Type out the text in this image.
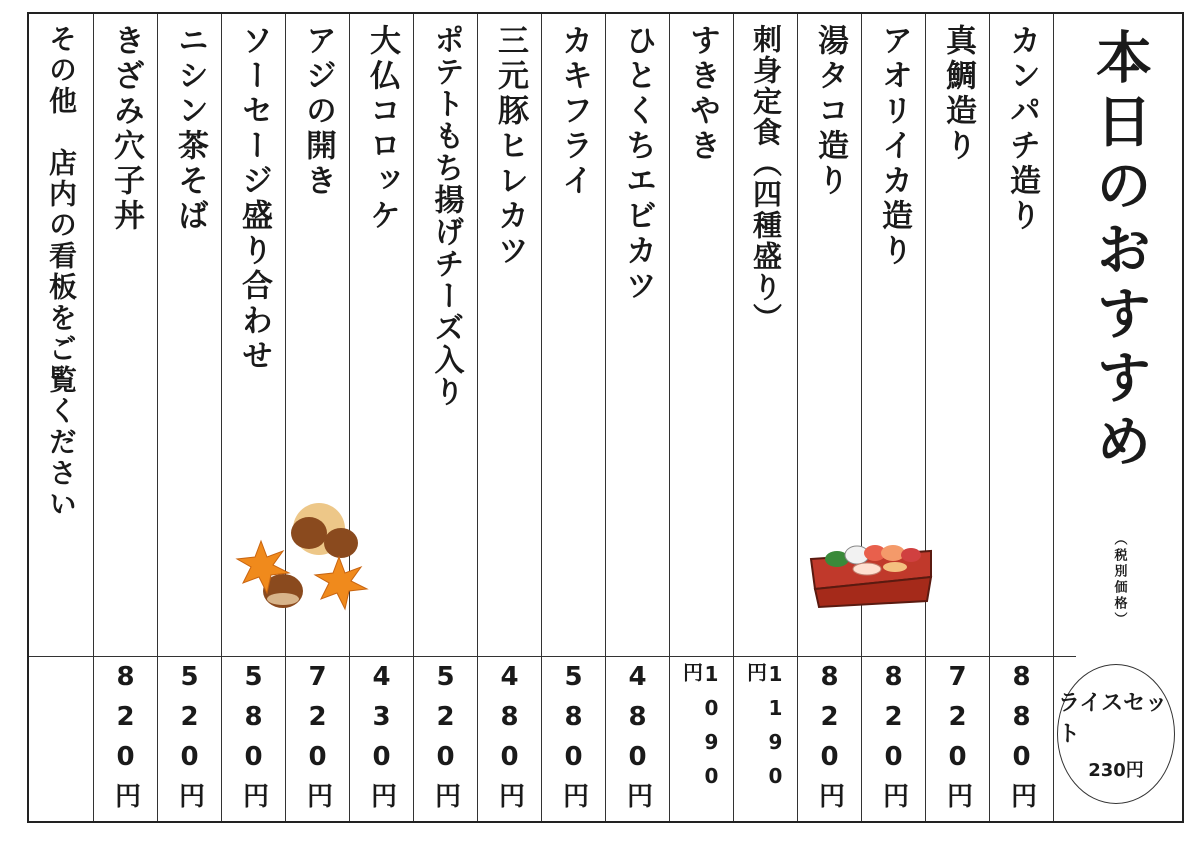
本日のおすすめ
（税別価格）
カンパチ造り
880円
真鯛造り
720円
アオリイカ造り
820円
湯タコ造り
820円
刺身定食（四種盛り）
1190円
すきやき
1090円
ひとくちエビカツ
480円
カキフライ
580円
三元豚ヒレカツ
480円
ポテトもち揚げチーズ入り
520円
大仏コロッケ
430円
アジの開き
720円
ソーセージ盛り合わせ
580円
ニシン茶そば
520円
きざみ穴子丼
820円
その他　店内の看板をご覧ください
ライスセット
230円
